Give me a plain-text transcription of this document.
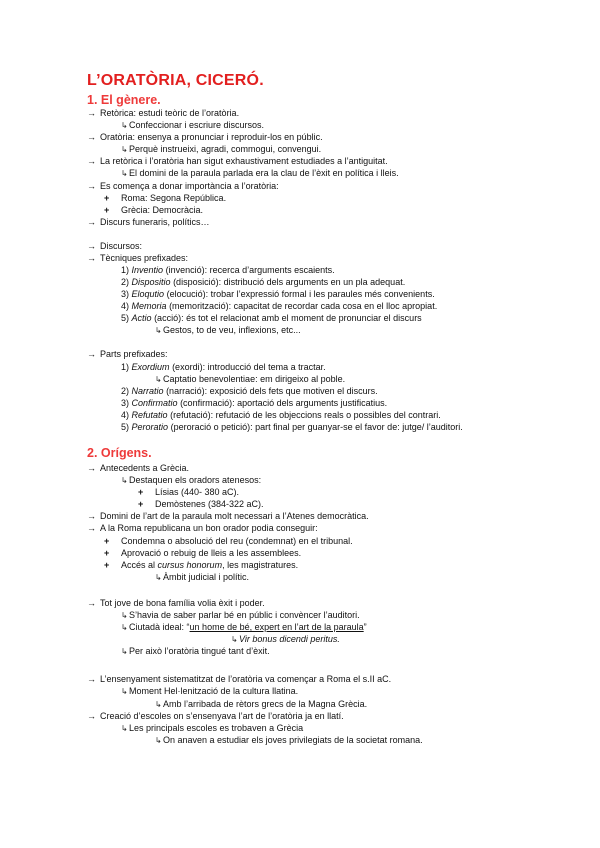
L’ORATÒRIA, CICERÓ.
1. El gènere.
→ Retòrica: estudi teòric de l’oratòria.
↳Confeccionar i escriure discursos.
→ Oratòria: ensenya a pronunciar i reproduir-los en públic.
↳Perquè instrueixi, agradi, commogui, convengui.
→ La retòrica i l’oratòria han sigut exhaustivament estudiades a l’antiguitat.
↳El domini de la paraula parlada era la clau de l’èxit en política i lleis.
→ Es comença a donar importància a l’oratòria:
+ Roma: Segona República.
+ Grècia: Democràcia.
→ Discurs funeraris, polítics…
→ Discursos:
→ Tècniques prefixades:
1) Inventio (invenció): recerca d’arguments escaients.
2) Dispositio (disposició): distribució dels arguments en un pla adequat.
3) Eloqutio (elocució): trobar l’expressió formal i les paraules més convenients.
4) Memoria (memorització): capacitat de recordar cada cosa en el lloc apropiat.
5) Actio (acció): és tot el relacionat amb el moment de pronunciar el discurs
↳Gestos, to de veu, inflexions, etc...
→ Parts prefixades:
1) Exordium (exordi): introducció del tema a tractar.
↳Captatio benevolentiae: em dirigeixo al poble.
2) Narratio (narració): exposició dels fets que motiven el discurs.
3) Confirmatio (confirmació): aportació dels arguments justificatius.
4) Refutatio (refutació): refutació de les objeccions reals o possibles del contrari.
5) Peroratio (peroració o petició): part final per guanyar-se el favor de: jutge/ l’auditori.
2. Orígens.
→ Antecedents a Grècia.
↳Destaquen els oradors atenesos:
+ Lísias (440- 380 aC).
+ Demòstenes (384-322 aC).
→ Domini de l’art de la paraula molt necessari a l’Atenes democràtica.
→ A la Roma republicana un bon orador podia conseguir:
+ Condemna o absolució del reu (condemnat) en el tribunal.
+ Aprovació o rebuig de lleis a les assemblees.
+ Accés al cursus honorum, les magistratures.
↳Àmbit judicial i polític.
→ Tot jove de bona família volia èxit i poder.
↳S’havia de saber parlar bé en públic i convèncer l’auditori.
↳Ciutadà ideal: “un home de bé, expert en l’art de la paraula”
↳Vir bonus dicendi peritus.
↳Per això l’oratòria tingué tant d’èxit.
→ L’ensenyament sistematitzat de l’oratòria va començar a Roma el s.II aC.
↳Moment Hel·lenització de la cultura llatina.
↳Amb l’arribada de rètors grecs de la Magna Grècia.
→ Creació d’escoles on s’ensenyava l’art de l’oratòria ja en llatí.
↳Les principals escoles es trobaven a Grècia
↳On anaven a estudiar els joves privilegiats de la societat romana.
